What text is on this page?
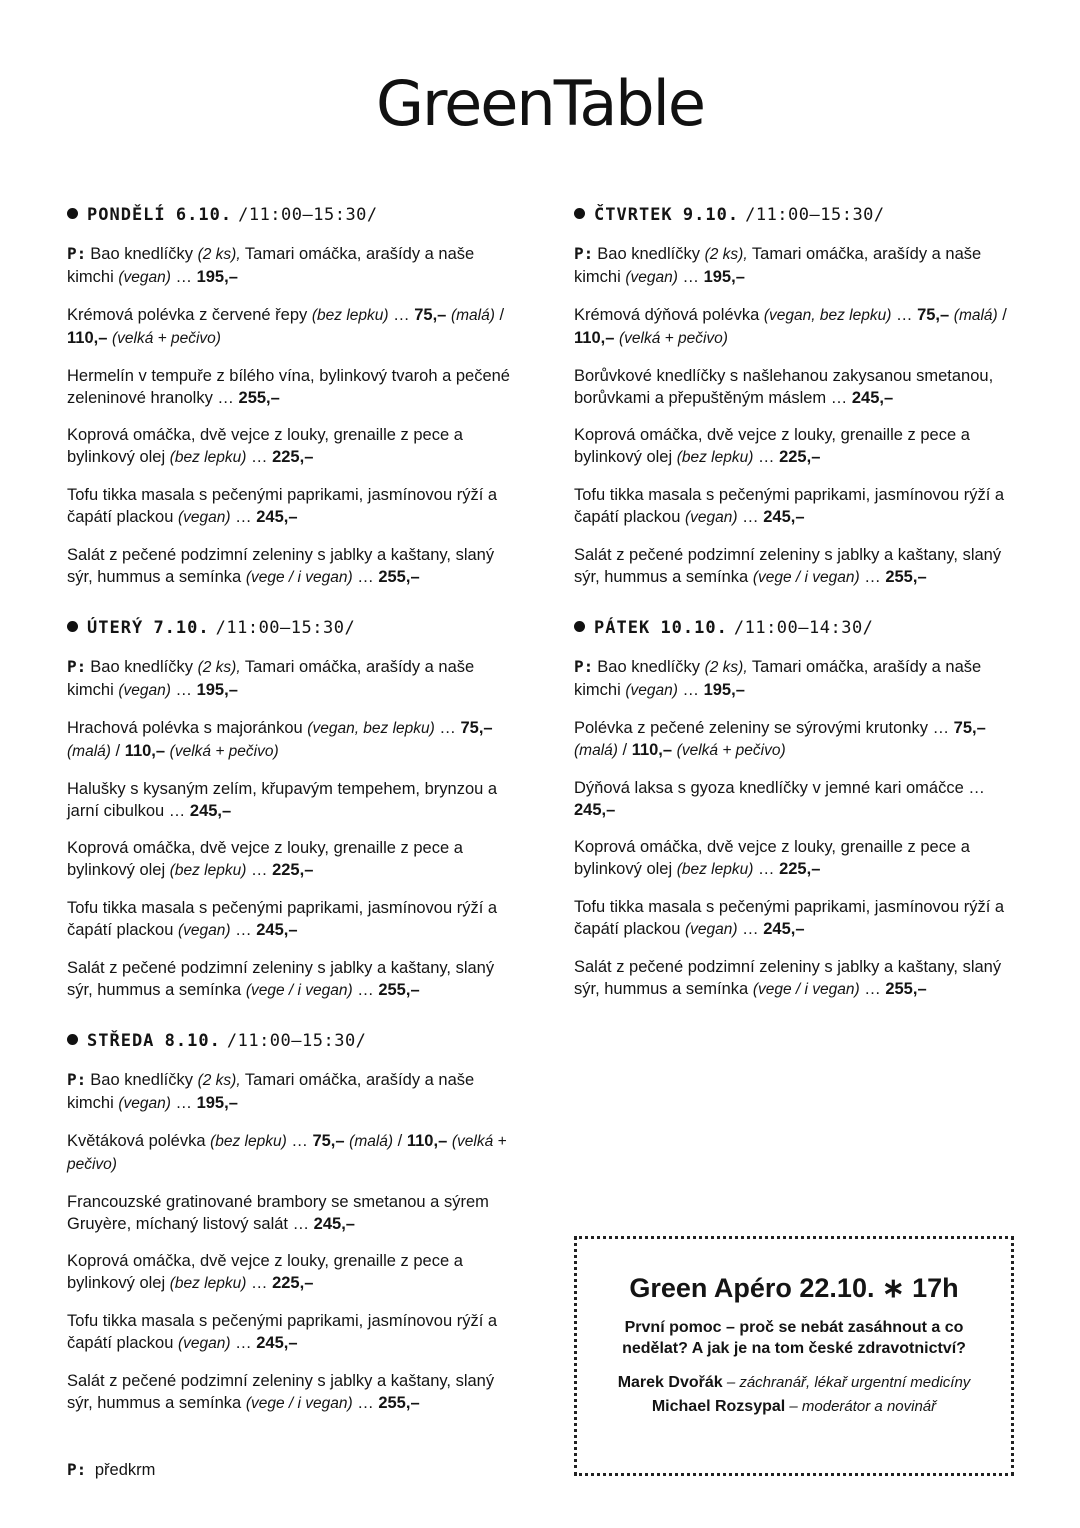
GreenTable
PONDĚLÍ 6.10. /11:00—15:30/
P: Bao knedlíčky (2 ks), Tamari omáčka, arašídy a naše kimchi (vegan) … 195,–
Krémová polévka z červené řepy (bez lepku) … 75,– (malá) / 110,– (velká + pečivo)
Hermelín v tempuře z bílého vína, bylinkový tvaroh a pečené zeleninové hranolky … 255,–
Koprová omáčka, dvě vejce z louky, grenaille z pece a bylinkový olej (bez lepku) … 225,–
Tofu tikka masala s pečenými paprikami, jasmínovou rýží a čapátí plackou (vegan) … 245,–
Salát z pečené podzimní zeleniny s jablky a kaštany, slaný sýr, hummus a semínka (vege / i vegan) … 255,–
ÚTERÝ 7.10. /11:00—15:30/
P: Bao knedlíčky (2 ks), Tamari omáčka, arašídy a naše kimchi (vegan) … 195,–
Hrachová polévka s majoránkou (vegan, bez lepku) … 75,– (malá) / 110,– (velká + pečivo)
Halušky s kysaným zelím, křupavým tempehem, brynzou a jarní cibulkou … 245,–
Koprová omáčka, dvě vejce z louky, grenaille z pece a bylinkový olej (bez lepku) … 225,–
Tofu tikka masala s pečenými paprikami, jasmínovou rýží a čapátí plackou (vegan) … 245,–
Salát z pečené podzimní zeleniny s jablky a kaštany, slaný sýr, hummus a semínka (vege / i vegan) … 255,–
STŘEDA 8.10. /11:00—15:30/
P: Bao knedlíčky (2 ks), Tamari omáčka, arašídy a naše kimchi (vegan) … 195,–
Květáková polévka (bez lepku) … 75,– (malá) / 110,– (velká + pečivo)
Francouzské gratinované brambory se smetanou a sýrem Gruyère, míchaný listový salát … 245,–
Koprová omáčka, dvě vejce z louky, grenaille z pece a bylinkový olej (bez lepku) … 225,–
Tofu tikka masala s pečenými paprikami, jasmínovou rýží a čapátí plackou (vegan) … 245,–
Salát z pečené podzimní zeleniny s jablky a kaštany, slaný sýr, hummus a semínka (vege / i vegan) … 255,–
ČTVRTEK 9.10. /11:00—15:30/
P: Bao knedlíčky (2 ks), Tamari omáčka, arašídy a naše kimchi (vegan) … 195,–
Krémová dýňová polévka (vegan, bez lepku) … 75,– (malá) / 110,– (velká + pečivo)
Borůvkové knedlíčky s našlehanou zakysanou smetanou, borůvkami a přepuštěným máslem … 245,–
Koprová omáčka, dvě vejce z louky, grenaille z pece a bylinkový olej (bez lepku) … 225,–
Tofu tikka masala s pečenými paprikami, jasmínovou rýží a čapátí plackou (vegan) … 245,–
Salát z pečené podzimní zeleniny s jablky a kaštany, slaný sýr, hummus a semínka (vege / i vegan) … 255,–
PÁTEK 10.10. /11:00—14:30/
P: Bao knedlíčky (2 ks), Tamari omáčka, arašídy a naše kimchi (vegan) … 195,–
Polévka z pečené zeleniny se sýrovými krutonky … 75,– (malá) / 110,– (velká + pečivo)
Dýňová laksa s gyoza knedlíčky v jemné kari omáčce … 245,–
Koprová omáčka, dvě vejce z louky, grenaille z pece a bylinkový olej (bez lepku) … 225,–
Tofu tikka masala s pečenými paprikami, jasmínovou rýží a čapátí plackou (vegan) … 245,–
Salát z pečené podzimní zeleniny s jablky a kaštany, slaný sýr, hummus a semínka (vege / i vegan) … 255,–
P: předkrm
Green Apéro 22.10. ∗ 17h
První pomoc – proč se nebát zasáhnout a co nedělat? A jak je na tom české zdravotnictví?
Marek Dvořák – záchranář, lékař urgentní medicíny
Michael Rozsypal – moderátor a novinář
